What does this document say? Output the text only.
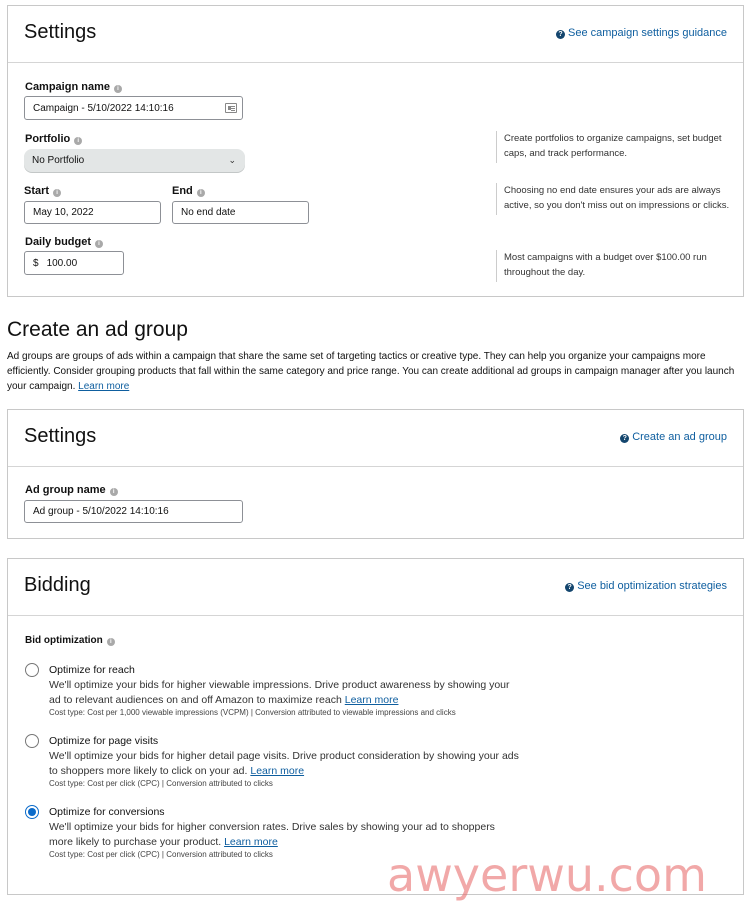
Settings	? See campaign settings guidance
Campaign name i
Campaign - 5/10/2022 14:10:16
Portfolio i
No Portfolio	⌄
Create portfolios to organize campaigns, set budget caps, and track performance.
Start i
May 10, 2022
End i
No end date
Choosing no end date ensures your ads are always active, so you don't miss out on impressions or clicks.
Daily budget i
$ 100.00	Most campaigns with a budget over $100.00 run throughout the day.
Create an ad group
Ad groups are groups of ads within a campaign that share the same set of targeting tactics or creative type. They can help you organize your campaigns more efficiently. Consider grouping products that fall within the same category and price range. You can create additional ad groups in campaign manager after you launch your campaign. Learn more
Settings	? Create an ad group
Ad group name i
Ad group - 5/10/2022 14:10:16
Bidding	? See bid optimization strategies
Bid optimization i
Optimize for reach
We'll optimize your bids for higher viewable impressions. Drive product awareness by showing your ad to relevant audiences on and off Amazon to maximize reach Learn more
Cost type: Cost per 1,000 viewable impressions (VCPM) | Conversion attributed to viewable impressions and clicks
Optimize for page visits
We'll optimize your bids for higher detail page visits. Drive product consideration by showing your ads to shoppers more likely to click on your ad. Learn more
Cost type: Cost per click (CPC) | Conversion attributed to clicks
Optimize for conversions
We'll optimize your bids for higher conversion rates. Drive sales by showing your ad to shoppers more likely to purchase your product. Learn more
Cost type: Cost per click (CPC) | Conversion attributed to clicks awyerwu.com
